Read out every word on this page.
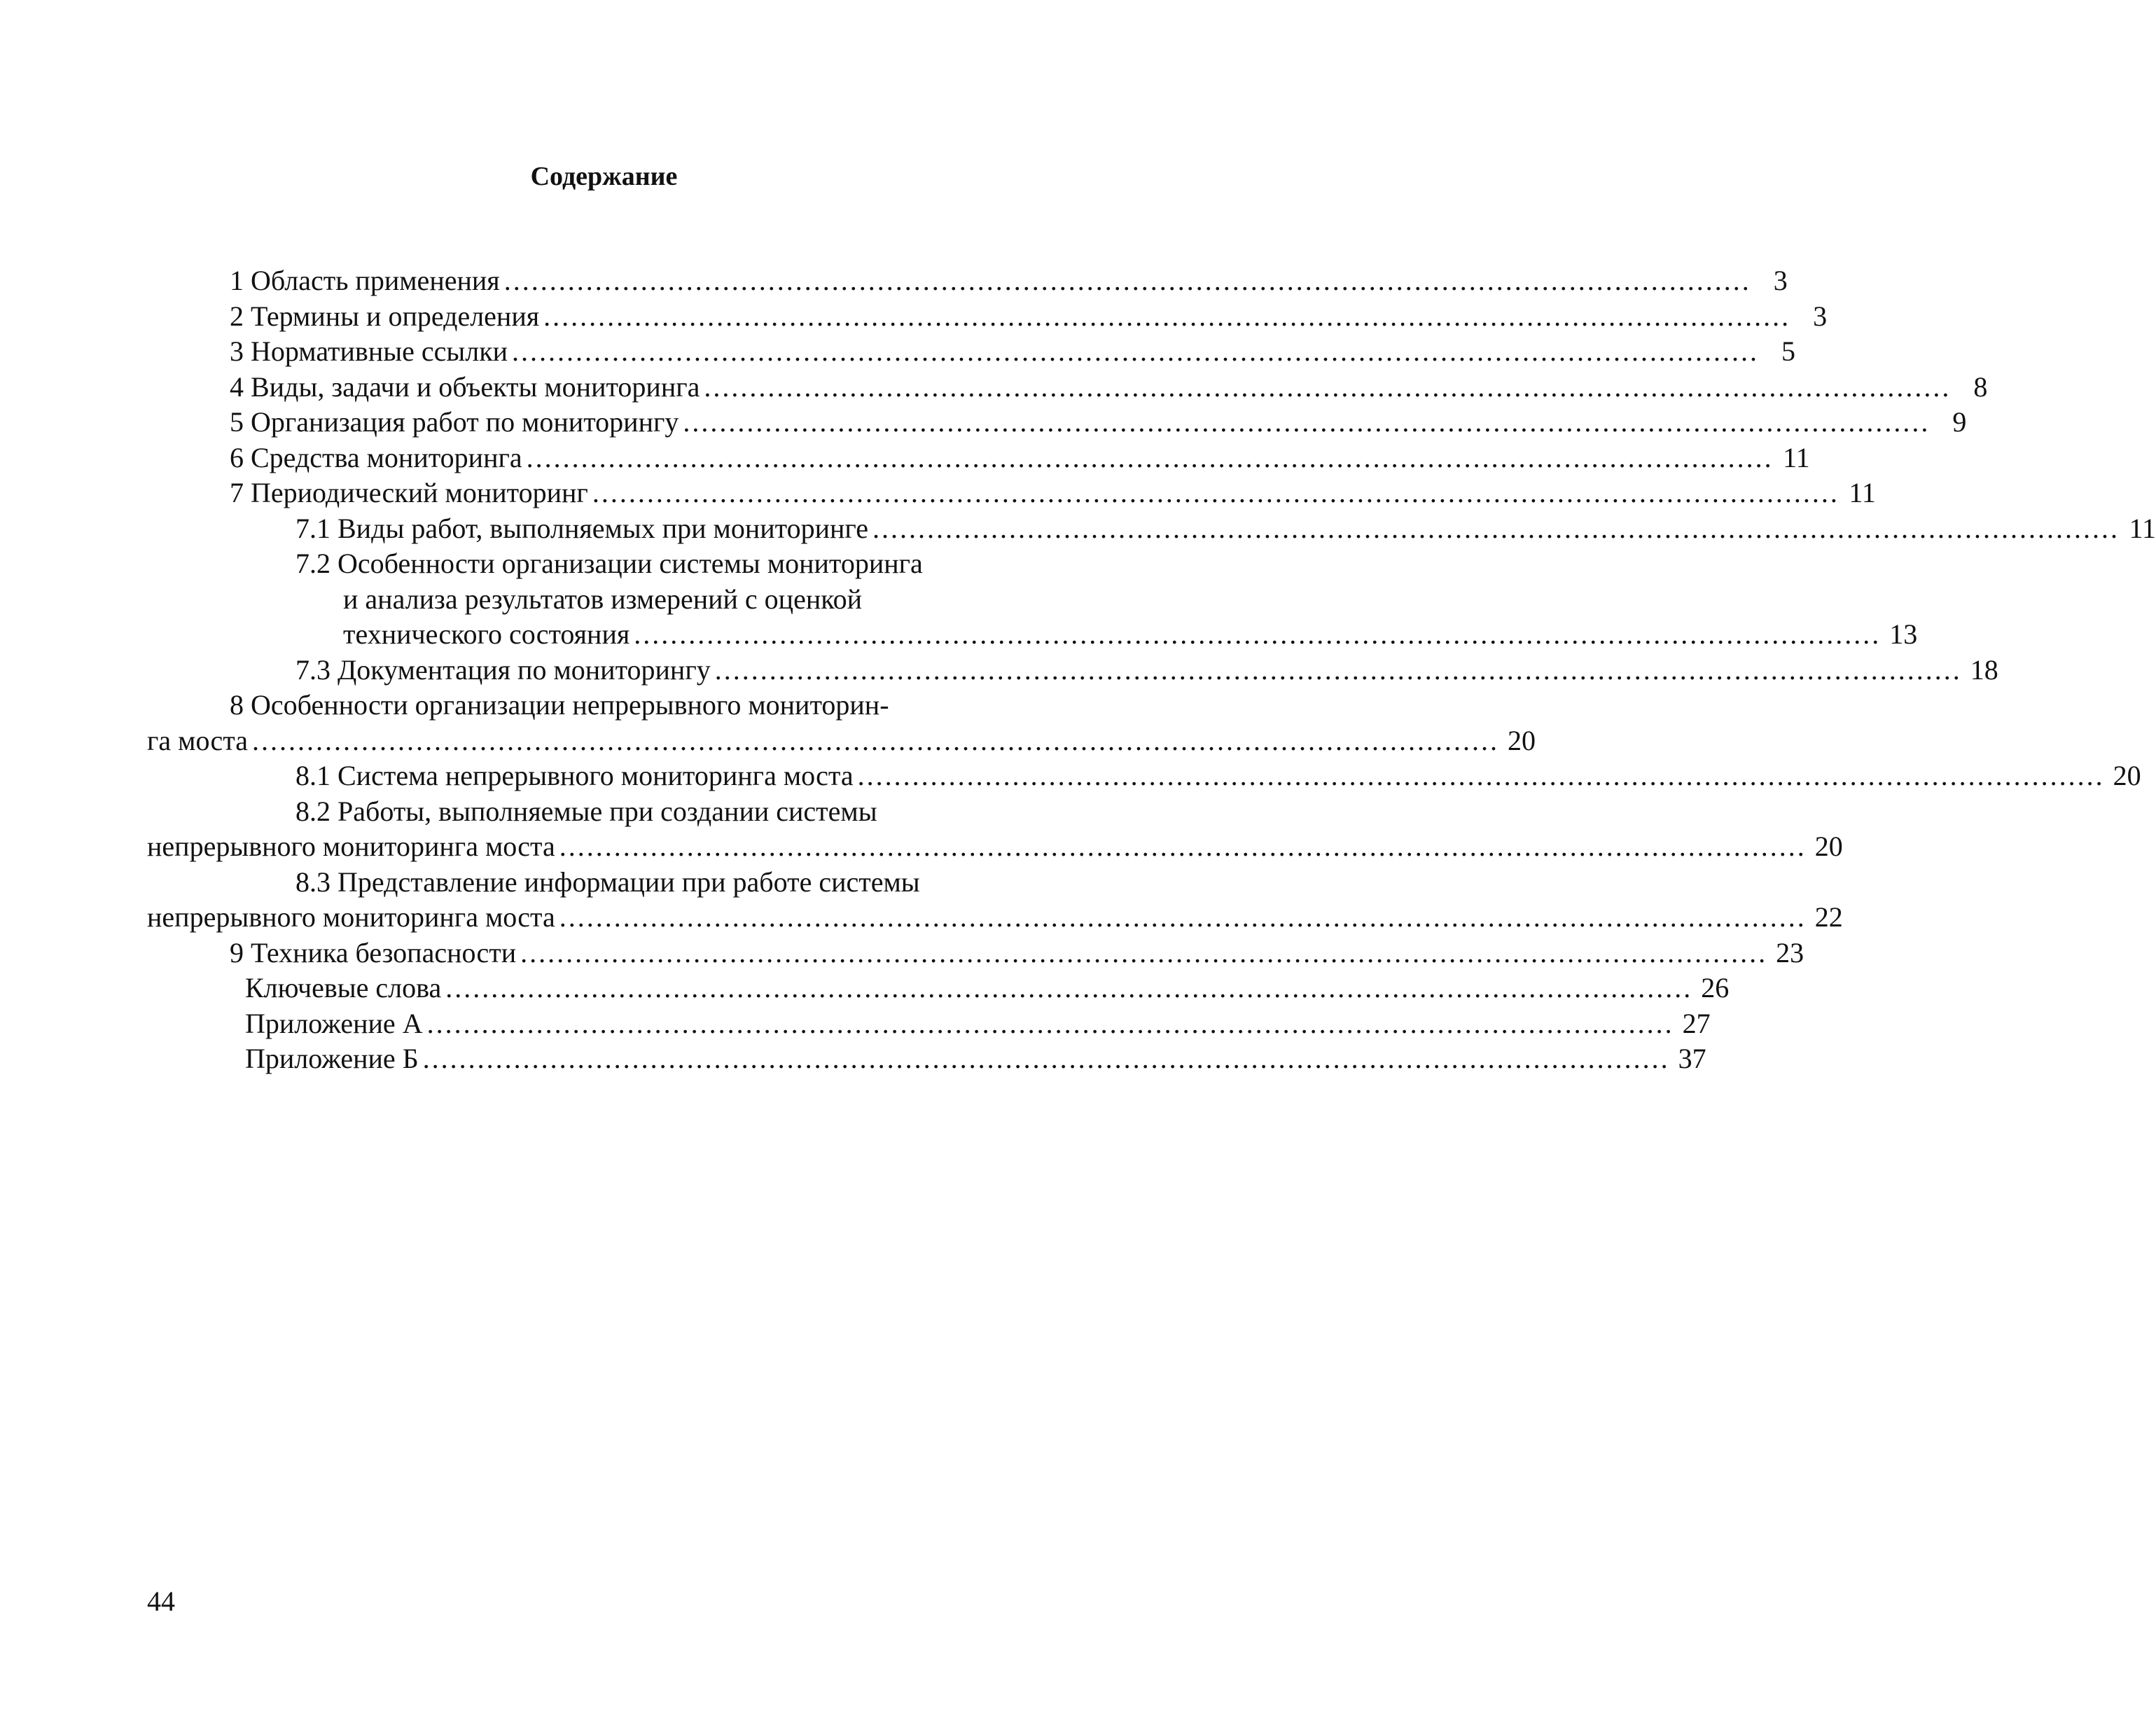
Содержание
1 Область применения ......................................................................................................................................... 3
2 Термины и определения ......................................................................................................................................... 3
3 Нормативные ссылки ......................................................................................................................................... 5
4 Виды, задачи и объекты мониторинга ......................................................................................................................................... 8
5 Организация работ по мониторингу ......................................................................................................................................... 9
6 Средства мониторинга ......................................................................................................................................... 11
7 Периодический мониторинг ......................................................................................................................................... 11
7.1 Виды работ, выполняемых при мониторинге ......................................................................................................................................... 11
7.2 Особенности организации системы мониторинга
и анализа результатов измерений с оценкой
технического состояния ......................................................................................................................................... 13
7.3 Документация по мониторингу ......................................................................................................................................... 18
8 Особенности организации непрерывного мониторин-
га моста ......................................................................................................................................... 20
8.1 Система непрерывного мониторинга моста ......................................................................................................................................... 20
8.2 Работы, выполняемые при создании системы
непрерывного мониторинга моста ......................................................................................................................................... 20
8.3 Представление информации при работе системы
непрерывного мониторинга моста ......................................................................................................................................... 22
9 Техника безопасности ......................................................................................................................................... 23
Ключевые слова ......................................................................................................................................... 26
Приложение А ......................................................................................................................................... 27
Приложение Б ......................................................................................................................................... 37
44
